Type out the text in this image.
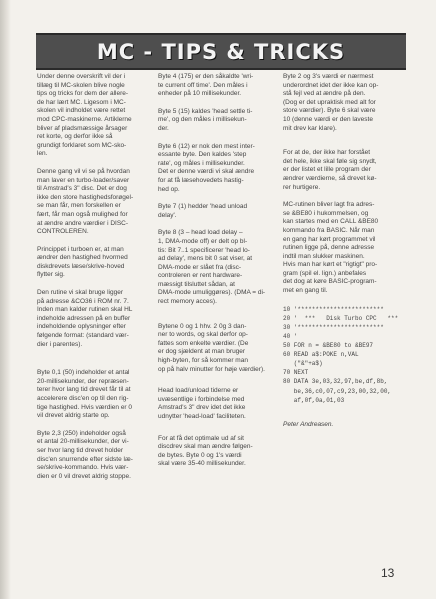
MC - TIPS & TRICKS

Under denne overskrift vil der i
tillæg til MC-skolen blive nogle
tips og tricks for dem der allere-
de har lært MC. Ligesom i MC-
skolen vil indholdet være rettet
mod CPC-maskinerne. Artiklerne
bliver af pladsmæssige årsager
ret korte, og derfor ikke så
grundigt forklaret som MC-sko-
len.

Denne gang vil vi se på hvordan
man laver en turbo-loader/saver
til Amstrad's 3" disc. Det er dog
ikke den store hastighedsforøgel-
se man får, men forskellen er
fært, får man også mulighed for
at ændre andre værdier i DISC-
CONTROLEREN.

Princippet i turboen er, at man
ændrer den hastighed hvormed
diskdrevets læse/skrive-hoved
flytter sig.

Den rutine vi skal bruge ligger
på adresse &CO36 i ROM nr. 7.
Inden man kalder rutinen skal HL
indeholde adressen på en buffer
indeholdende oplysninger efter
følgende format: (standard vær-
dier i parentes).

Byte 0,1 (50) indeholder et antal
20-millisekunder, der repræsen-
terer hvor lang tid drevet får til at
accelerere disc'en op til den rig-
tige hastighed. Hvis værdien er 0
vil drevet aldrig starte op.

Byte 2,3 (250) indeholder også
et antal 20-millisekunder, der vi-
ser hvor lang tid drevet holder
disc'en snurrende efter sidste læ-
se/skrive-kommando. Hvis vær-
dien er 0 vil drevet aldrig stoppe.

Byte 4 (175) er den såkaldte 'wri-
te current off time'. Den måles i
enheder på 10 millisekunder.

Byte 5 (15) kaldes 'head settle ti-
me', og den måles i millisekun-
der.

Byte 6 (12) er nok den mest inter-
essante byte. Den kaldes 'step
rate', og måles i millisekunder.
Det er denne værdi vi skal ændre
for at få læsehovedets hastig-
hed op.

Byte 7 (1) hedder 'head unload
delay'.

Byte 8 (3 – head load delay –
1, DMA-mode off) er delt op bl-
tis: Bit 7..1 specificerer 'head lo-
ad delay', mens bit 0 sat viser, at
DMA-mode er slået fra (disc-
controleren er rent hardware-
mæssigt tilsluttet sådan, at
DMA-mode umuliggøres). (DMA = di-
rect memory acces).

Bytene 0 og 1 hhv. 2 0g 3 dan-
ner to words, og skal derfor op-
fattes som enkelte værdier. (De
er dog sjældent at man bruger
high-byten, for så kommer man
op på halv minutter for høje værdier).

Head load/unload tiderne er
uvæsentlige i forbindelse med
Amstrad's 3" drev idet det ikke
udnytter 'head-load' faciliteten.

For at få det optimale ud af sit
discdrev skal man ændre følgen-
de bytes. Byte 0 og 1's værdi
skal være 35-40 millisekunder.

Byte 2 og 3's værdi er nærmest
underordnet idet der ikke kan op-
stå fejl ved at ændre på den.
(Dog er det upraktisk med alt for
store værdier). Byte 6 skal være
10 (denne værdi er den laveste
mit drev kar klare).

For at de, der ikke har forstået
det hele, ikke skal føle sig snydt,
er der listet et lille program der
ændrer værdierne, så drevet kø-
rer hurtigere.

MC-rutinen bliver lagt fra adres-
se &BE80 i hukommelsen, og
kan startes med en CALL &BE80
kommando fra BASIC. Når man
en gang har kørt programmet vil
rutinen ligge på, denne adresse
indtil man slukker maskinen.
Hvis man har kørt et "rigtigt" pro-
gram (spil el. lign.) anbefales
det dog at køre BASIC-program-
met en gang til.

10 '************************
20 '  ***   Disk Turbo CPC   ***
30 '************************
40 '
50 FOR n = &BE80 to &BE97
60 READ a$:POKE n,VAL
("&"+a$)
70 NEXT
80 DATA 3e,03,32,97,be,df,8b,
be,36,c0,07,c9,23,00,32,00,
af,0f,0a,01,03
Peter Andreasen.
13
